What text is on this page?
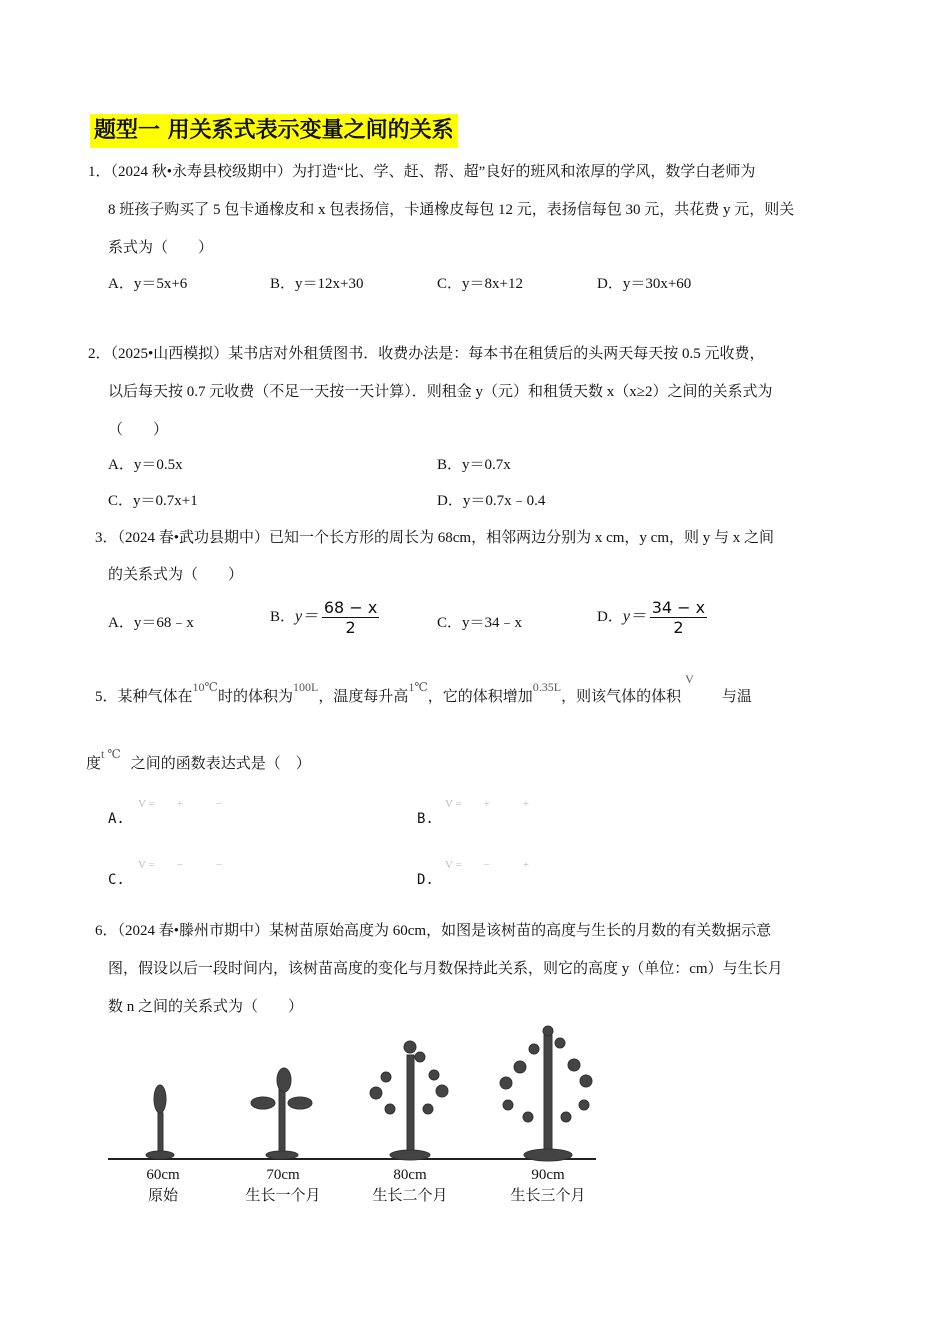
题型一 用关系式表示变量之间的关系
1．（2024 秋•永寿县校级期中）为打造“比、学、赶、帮、超”良好的班风和浓厚的学风，数学白老师为
8 班孩子购买了 5 包卡通橡皮和 x 包表扬信，卡通橡皮每包 12 元，表扬信每包 30 元，共花费 y 元，则关
系式为（　　）
A．y＝5x+6	B．y＝12x+30	C．y＝8x+12	D．y＝30x+60
2．（2025•山西模拟）某书店对外租赁图书．收费办法是：每本书在租赁后的头两天每天按 0.5 元收费，
以后每天按 0.7 元收费（不足一天按一天计算）．则租金 y（元）和租赁天数 x（x≥2）之间的关系式为
（　　）
A．y＝0.5x	B．y＝0.7x
C．y＝0.7x+1	D．y＝0.7x﹣0.4
3．（2024 春•武功县期中）已知一个长方形的周长为 68cm，相邻两边分别为 x cm，y cm，则 y 与 x 之间
的关系式为（　　）
A．y＝68﹣x	B．$y= \frac{68 - x}{2}$	C．y＝34﹣x	D．$y= \frac{34 - x}{2}$
5．某种气体在$^{10℃}$时的体积为$^{100L}$，温度每升高$^{1℃}$，它的体积增加$^{0.35L}$，则该气体的体积$^V$与温
度$^{t ℃}$之间的函数表达式是（　）
V =　　+　　　−
A.
V =　　+　　　+
B.
V =　　−　　　−
C.
V =　　−　　　+
D.
6．（2024 春•滕州市期中）某树苗原始高度为 60cm，如图是该树苗的高度与生长的月数的有关数据示意
图，假设以后一段时间内，该树苗高度的变化与月数保持此关系，则它的高度 y（单位：cm）与生长月
数 n 之间的关系式为（　　）
60cm
原始
70cm
生长一个月
80cm
生长二个月
90cm
生长三个月
